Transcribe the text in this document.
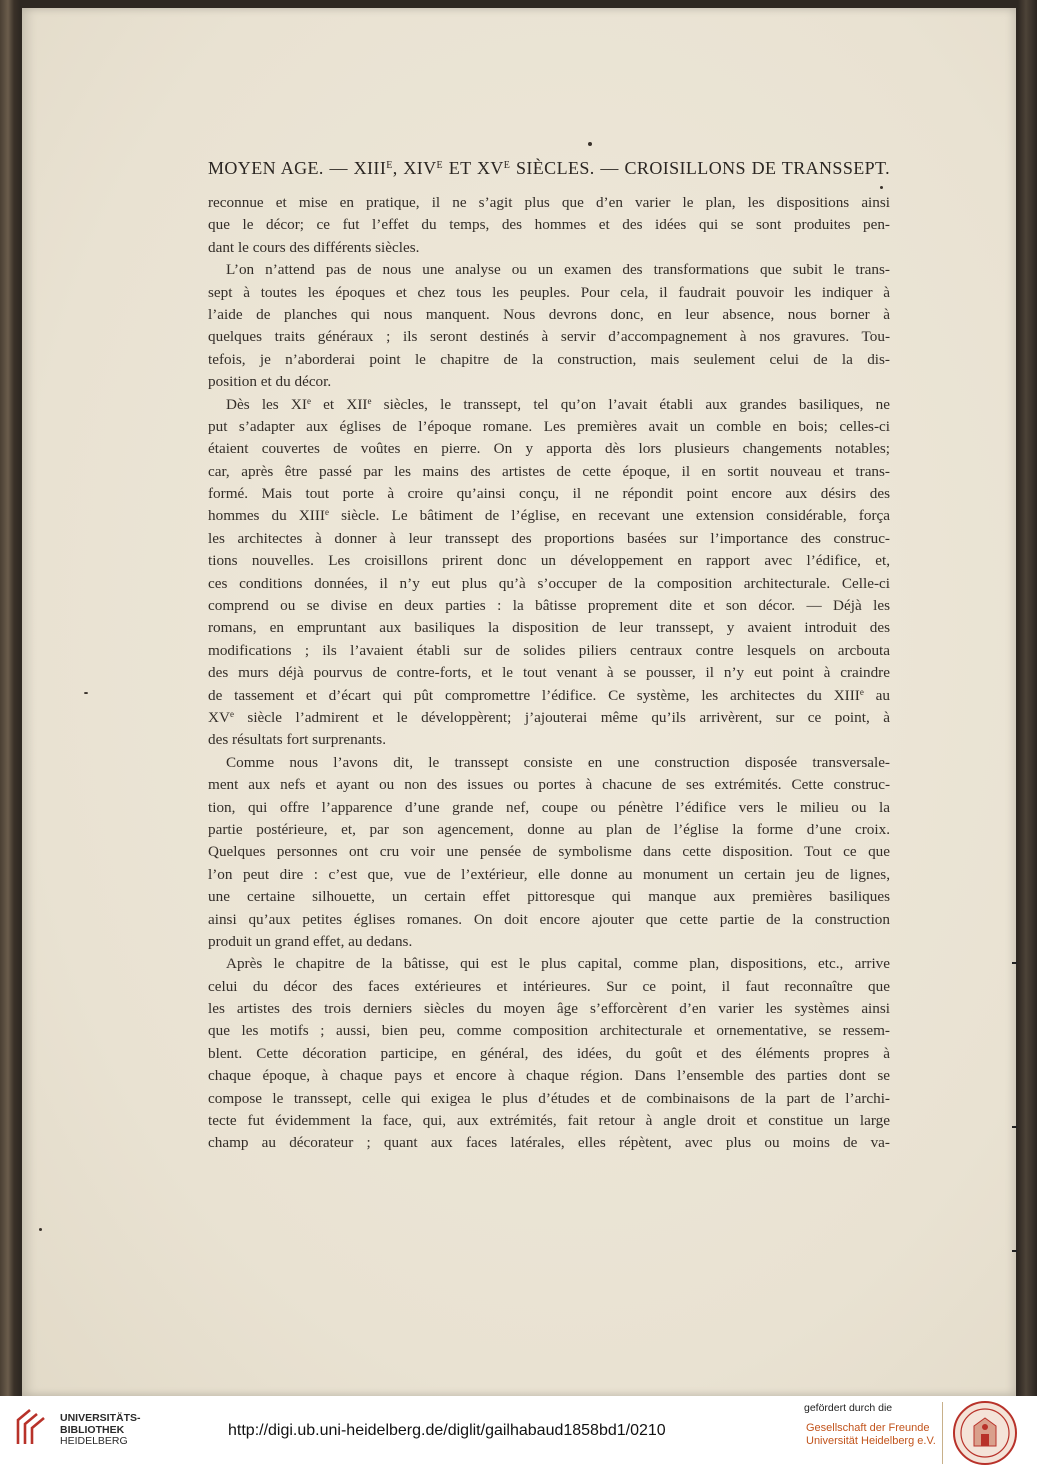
MOYEN AGE. — $XIII^E$, $XIV^E$ ET $XV^E$ SIÈCLES. — CROISILLONS DE TRANSSEPT.
reconnue et mise en pratique, il ne s’agit plus que d’en varier le plan, les dispositions ainsi
que le décor; ce fut l’effet du temps, des hommes et des idées qui se sont produites pen-
dant le cours des différents siècles.
L’on n’attend pas de nous une analyse ou un examen des transformations que subit le trans-
sept à toutes les époques et chez tous les peuples. Pour cela, il faudrait pouvoir les indiquer à
l’aide de planches qui nous manquent. Nous devrons donc, en leur absence, nous borner à
quelques traits généraux ; ils seront destinés à servir d’accompagnement à nos gravures. Tou-
tefois, je n’aborderai point le chapitre de la construction, mais seulement celui de la dis-
position et du décor.
Dès les XIe et XIIe siècles, le transsept, tel qu’on l’avait établi aux grandes basiliques, ne
put s’adapter aux églises de l’époque romane. Les premières avait un comble en bois; celles-ci
étaient couvertes de voûtes en pierre. On y apporta dès lors plusieurs changements notables;
car, après être passé par les mains des artistes de cette époque, il en sortit nouveau et trans-
formé. Mais tout porte à croire qu’ainsi conçu, il ne répondit point encore aux désirs des
hommes du XIIIe siècle. Le bâtiment de l’église, en recevant une extension considérable, força
les architectes à donner à leur transsept des proportions basées sur l’importance des construc-
tions nouvelles. Les croisillons prirent donc un développement en rapport avec l’édifice, et,
ces conditions données, il n’y eut plus qu’à s’occuper de la composition architecturale. Celle-ci
comprend ou se divise en deux parties : la bâtisse proprement dite et son décor. — Déjà les
romans, en empruntant aux basiliques la disposition de leur transsept, y avaient introduit des
modifications ; ils l’avaient établi sur de solides piliers centraux contre lesquels on arcbouta
des murs déjà pourvus de contre-forts, et le tout venant à se pousser, il n’y eut point à craindre
de tassement et d’écart qui pût compromettre l’édifice. Ce système, les architectes du XIIIe au
XVe siècle l’admirent et le développèrent; j’ajouterai même qu’ils arrivèrent, sur ce point, à
des résultats fort surprenants.
Comme nous l’avons dit, le transsept consiste en une construction disposée transversale-
ment aux nefs et ayant ou non des issues ou portes à chacune de ses extrémités. Cette construc-
tion, qui offre l’apparence d’une grande nef, coupe ou pénètre l’édifice vers le milieu ou la
partie postérieure, et, par son agencement, donne au plan de l’église la forme d’une croix.
Quelques personnes ont cru voir une pensée de symbolisme dans cette disposition. Tout ce que
l’on peut dire : c’est que, vue de l’extérieur, elle donne au monument un certain jeu de lignes,
une certaine silhouette, un certain effet pittoresque qui manque aux premières basiliques
ainsi qu’aux petites églises romanes. On doit encore ajouter que cette partie de la construction
produit un grand effet, au dedans.
Après le chapitre de la bâtisse, qui est le plus capital, comme plan, dispositions, etc., arrive
celui du décor des faces extérieures et intérieures. Sur ce point, il faut reconnaître que
les artistes des trois derniers siècles du moyen âge s’efforcèrent d’en varier les systèmes ainsi
que les motifs ; aussi, bien peu, comme composition architecturale et ornementative, se ressem-
blent. Cette décoration participe, en général, des idées, du goût et des éléments propres à
chaque époque, à chaque pays et encore à chaque région. Dans l’ensemble des parties dont se
compose le transsept, celle qui exigea le plus d’études et de combinaisons de la part de l’archi-
tecte fut évidemment la face, qui, aux extrémités, fait retour à angle droit et constitue un large
champ au décorateur ; quant aux faces latérales, elles répètent, avec plus ou moins de va-
UNIVERSITÄTS-
BIBLIOTHEK
HEIDELBERG
http://digi.ub.uni-heidelberg.de/diglit/gailhabaud1858bd1/0210
gefördert durch die
Gesellschaft der Freunde
Universität Heidelberg e.V.
